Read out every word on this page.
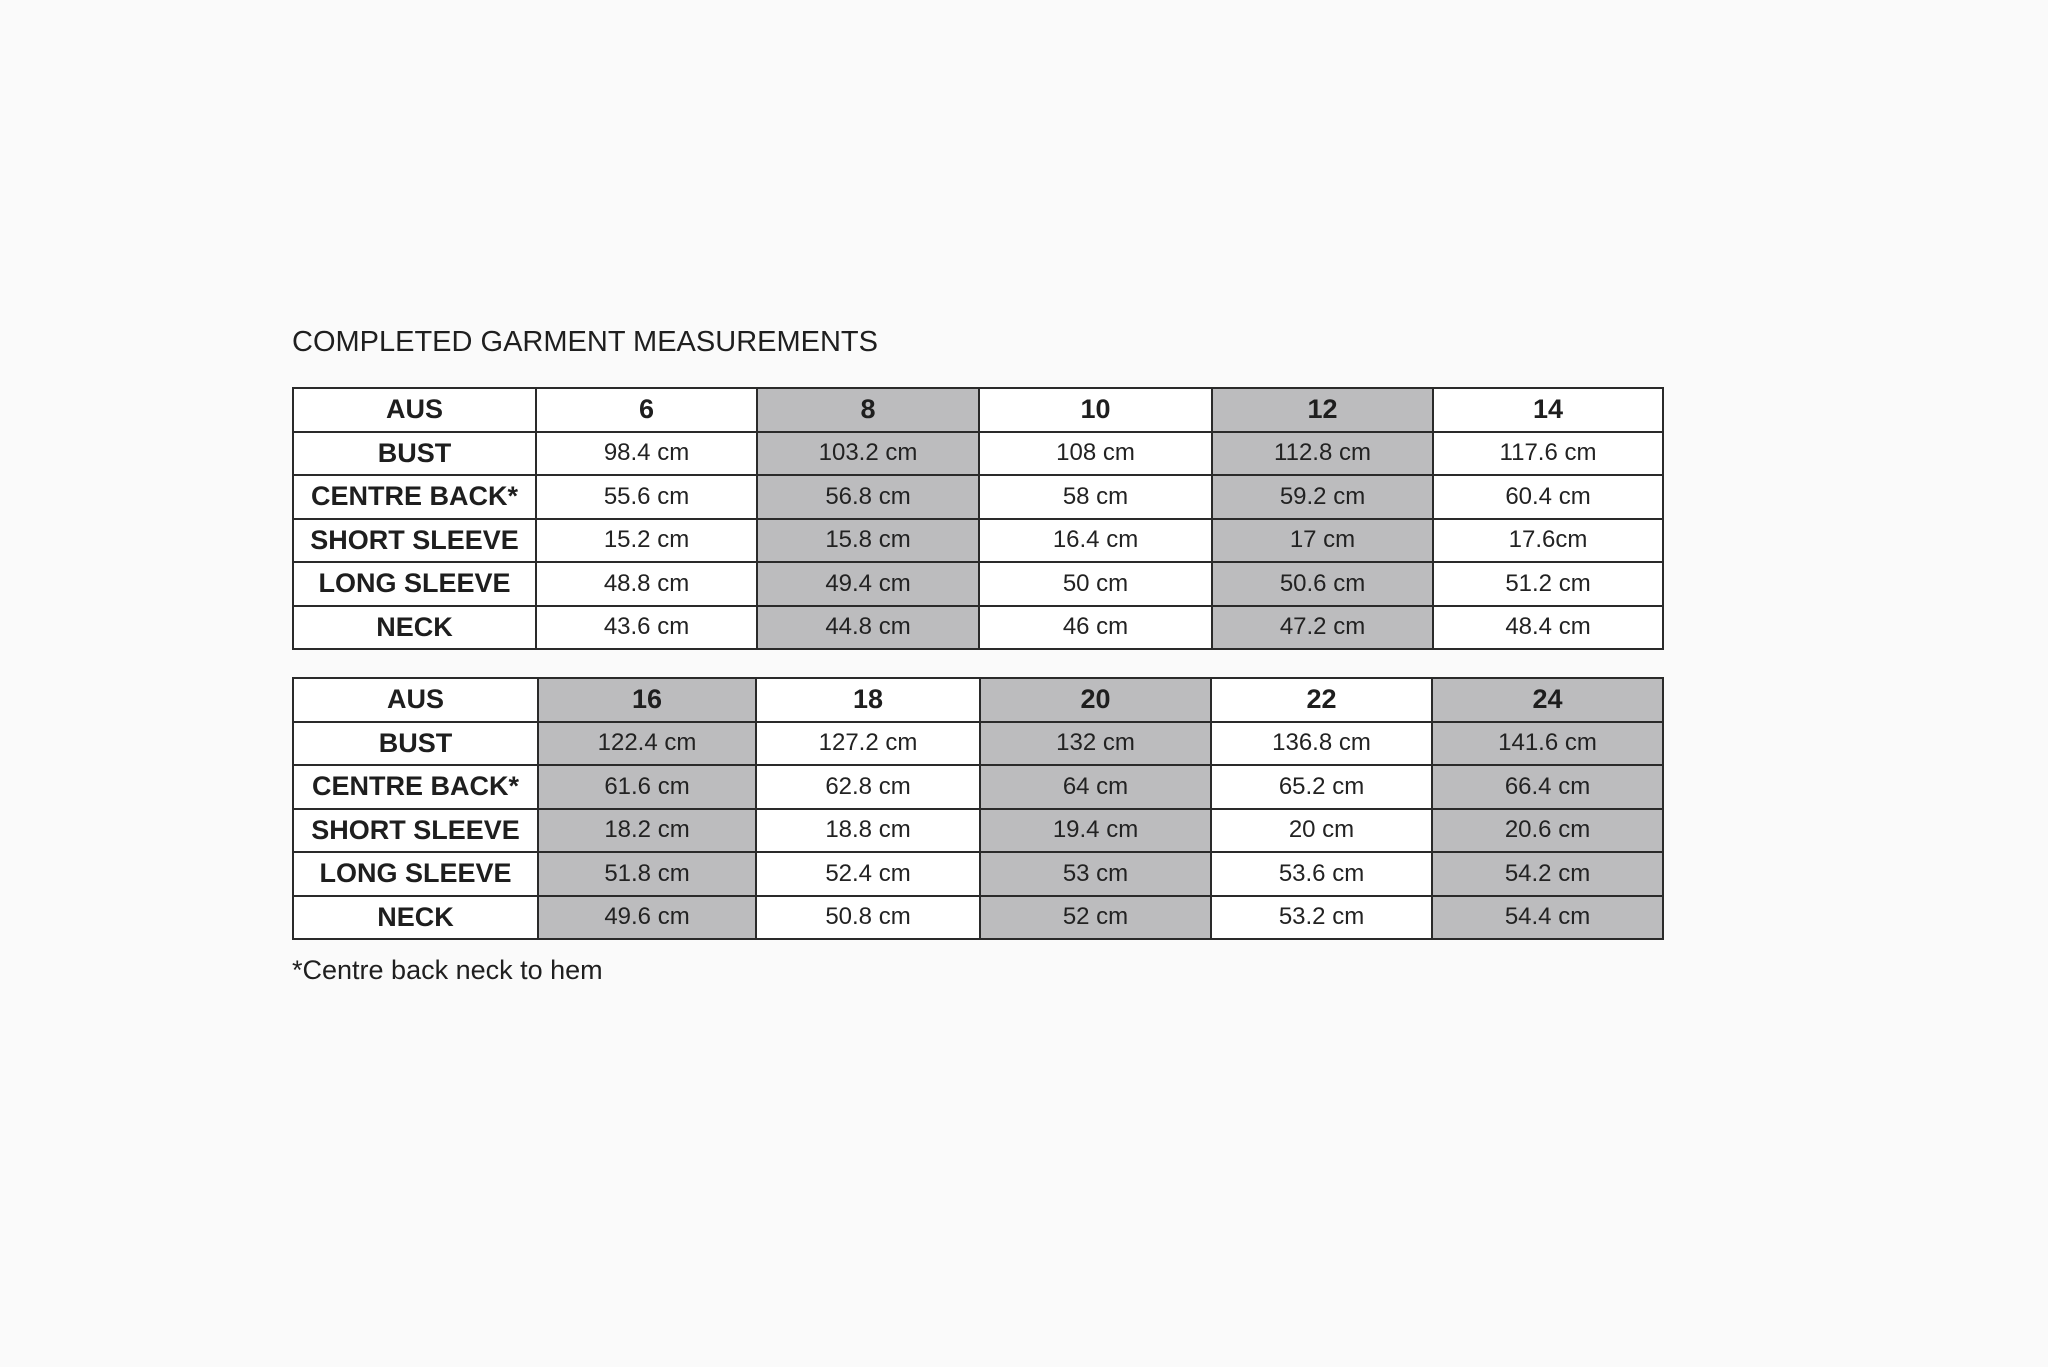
COMPLETED GARMENT MEASUREMENTS
AUS	6	8	10	12	14
BUST	98.4 cm	103.2 cm	108 cm	112.8 cm	117.6 cm
CENTRE BACK*	55.6 cm	56.8 cm	58 cm	59.2 cm	60.4 cm
SHORT SLEEVE	15.2 cm	15.8 cm	16.4 cm	17 cm	17.6cm
LONG SLEEVE	48.8 cm	49.4 cm	50 cm	50.6 cm	51.2 cm
NECK	43.6 cm	44.8 cm	46 cm	47.2 cm	48.4 cm
AUS	16	18	20	22	24
BUST	122.4 cm	127.2 cm	132 cm	136.8 cm	141.6 cm
CENTRE BACK*	61.6 cm	62.8 cm	64 cm	65.2 cm	66.4 cm
SHORT SLEEVE	18.2 cm	18.8 cm	19.4 cm	20 cm	20.6 cm
LONG SLEEVE	51.8 cm	52.4 cm	53 cm	53.6 cm	54.2 cm
NECK	49.6 cm	50.8 cm	52 cm	53.2 cm	54.4 cm
*Centre back neck to hem
